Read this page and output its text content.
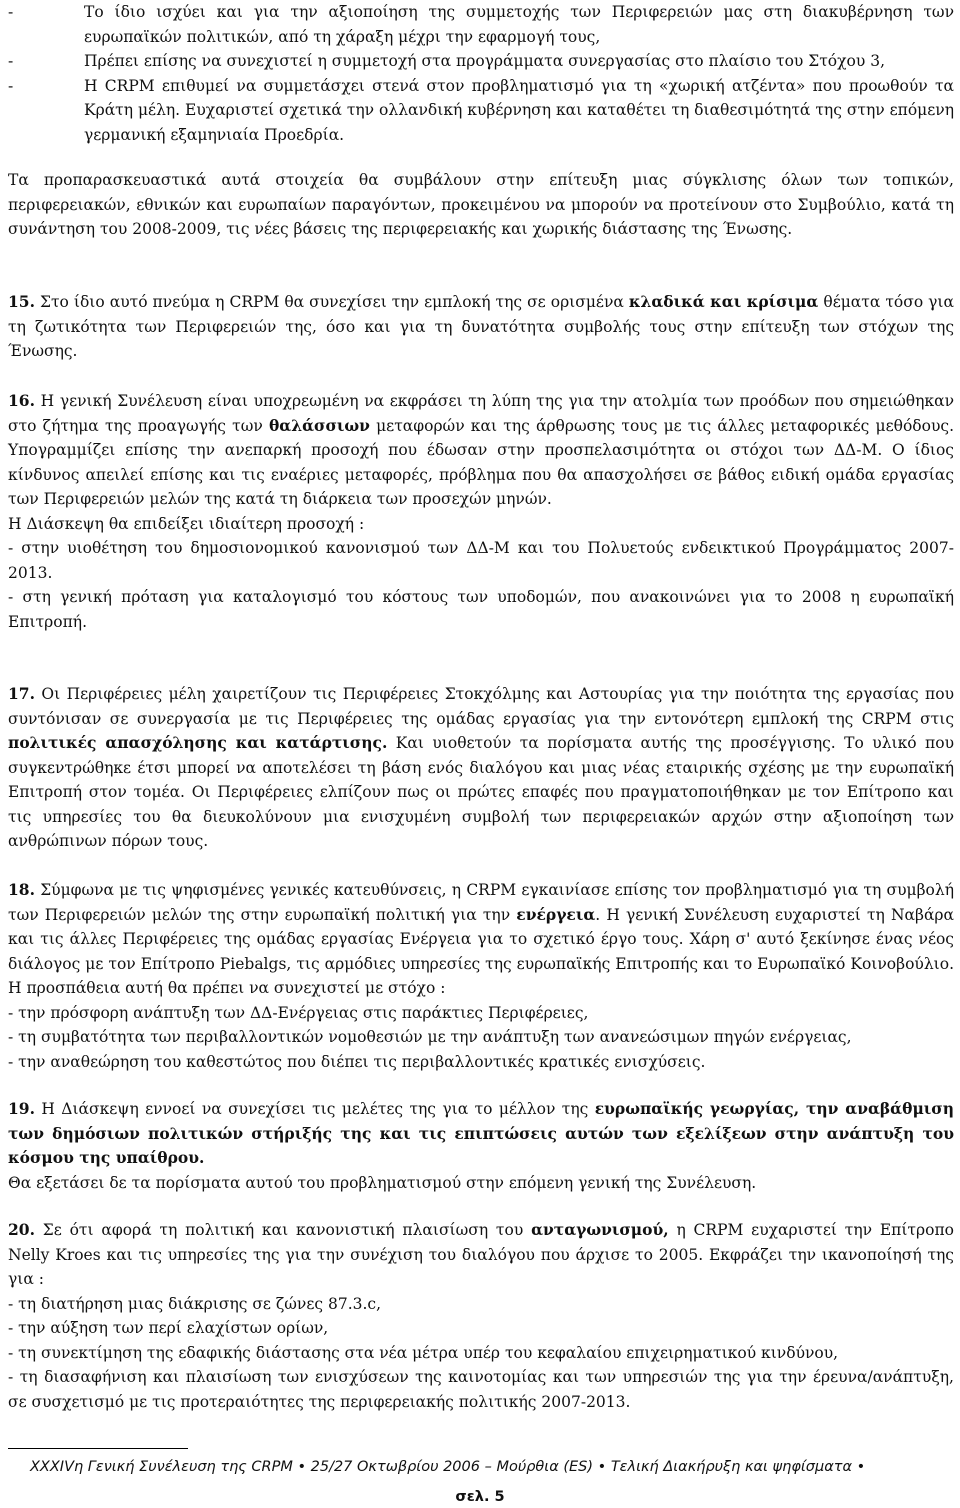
-	Το ίδιο ισχύει και για την αξιοποίηση της συμμετοχής των Περιφερειών μας στη διακυβέρνηση των ευρωπαϊκών πολιτικών, από τη χάραξη μέχρι την εφαρμογή τους,
-	Πρέπει επίσης να συνεχιστεί η συμμετοχή στα προγράμματα συνεργασίας στο πλαίσιο του Στόχου 3,
-	Η CRPM επιθυμεί να συμμετάσχει στενά στον προβληματισμό για τη «χωρική ατζέντα» που προωθούν τα Κράτη μέλη. Ευχαριστεί σχετικά την ολλανδική κυβέρνηση και καταθέτει τη διαθεσιμότητά της στην επόμενη γερμανική εξαμηνιαία Προεδρία.

Τα προπαρασκευαστικά αυτά στοιχεία θα συμβάλουν στην επίτευξη μιας σύγκλισης όλων των τοπικών, περιφερειακών, εθνικών και ευρωπαίων παραγόντων, προκειμένου να μπορούν να προτείνουν στο Συμβούλιο, κατά τη συνάντηση του 2008-2009, τις νέες βάσεις της περιφερειακής και χωρικής διάστασης της Ένωσης.

15. Στο ίδιο αυτό πνεύμα η CRPM θα συνεχίσει την εμπλοκή της σε ορισμένα κλαδικά και κρίσιμα θέματα τόσο για τη ζωτικότητα των Περιφερειών της, όσο και για τη δυνατότητα συμβολής τους στην επίτευξη των στόχων της Ένωσης.

16. Η γενική Συνέλευση είναι υποχρεωμένη να εκφράσει τη λύπη της για την ατολμία των προόδων που σημειώθηκαν στο ζήτημα της προαγωγής των θαλάσσιων μεταφορών και της άρθρωσης τους με τις άλλες μεταφορικές μεθόδους. Υπογραμμίζει επίσης την ανεπαρκή προσοχή που έδωσαν στην προσπελασιμότητα οι στόχοι των ΔΔ-Μ. Ο ίδιος κίνδυνος απειλεί επίσης και τις εναέριες μεταφορές, πρόβλημα που θα απασχολήσει σε βάθος ειδική ομάδα εργασίας των Περιφερειών μελών της κατά τη διάρκεια των προσεχών μηνών.
Η Διάσκεψη θα επιδείξει ιδιαίτερη προσοχή :
- στην υιοθέτηση του δημοσιονομικού κανονισμού των ΔΔ-Μ και του Πολυετούς ενδεικτικού Προγράμματος 2007-2013.
- στη γενική πρόταση για καταλογισμό του κόστους των υποδομών, που ανακοινώνει για το 2008 η ευρωπαϊκή Επιτροπή.

17. Οι Περιφέρειες μέλη χαιρετίζουν τις Περιφέρειες Στοκχόλμης και Αστουρίας για την ποιότητα της εργασίας που συντόνισαν σε συνεργασία με τις Περιφέρειες της ομάδας εργασίας για την εντονότερη εμπλοκή της CRPM στις πολιτικές απασχόλησης και κατάρτισης. Και υιοθετούν τα πορίσματα αυτής της προσέγγισης. Το υλικό που συγκεντρώθηκε έτσι μπορεί να αποτελέσει τη βάση ενός διαλόγου και μιας νέας εταιρικής σχέσης με την ευρωπαϊκή Επιτροπή στον τομέα. Οι Περιφέρειες ελπίζουν πως οι πρώτες επαφές που πραγματοποιήθηκαν με τον Επίτροπο και τις υπηρεσίες του θα διευκολύνουν μια ενισχυμένη συμβολή των περιφερειακών αρχών στην αξιοποίηση των ανθρώπινων πόρων τους.

18. Σύμφωνα με τις ψηφισμένες γενικές κατευθύνσεις, η CRPM εγκαινίασε επίσης τον προβληματισμό για τη συμβολή των Περιφερειών μελών της στην ευρωπαϊκή πολιτική για την ενέργεια. Η γενική Συνέλευση ευχαριστεί τη Ναβάρα και τις άλλες Περιφέρειες της ομάδας εργασίας Ενέργεια για το σχετικό έργο τους. Χάρη σ' αυτό ξεκίνησε ένας νέος διάλογος με τον Επίτροπο Piebalgs, τις αρμόδιες υπηρεσίες της ευρωπαϊκής Επιτροπής και το Ευρωπαϊκό Κοινοβούλιο. Η προσπάθεια αυτή θα πρέπει να συνεχιστεί με στόχο :
- την πρόσφορη ανάπτυξη των ΔΔ-Ενέργειας στις παράκτιες Περιφέρειες,
- τη συμβατότητα των περιβαλλοντικών νομοθεσιών με την ανάπτυξη των ανανεώσιμων πηγών ενέργειας,
- την αναθεώρηση του καθεστώτος που διέπει τις περιβαλλοντικές κρατικές ενισχύσεις.

19. Η Διάσκεψη εννοεί να συνεχίσει τις μελέτες της για το μέλλον της ευρωπαϊκής γεωργίας, την αναβάθμιση των δημόσιων πολιτικών στήριξής της και τις επιπτώσεις αυτών των εξελίξεων στην ανάπτυξη του κόσμου της υπαίθρου.
Θα εξετάσει δε τα πορίσματα αυτού του προβληματισμού στην επόμενη γενική της Συνέλευση.

20. Σε ότι αφορά τη πολιτική και κανονιστική πλαισίωση του ανταγωνισμού, η CRPM ευχαριστεί την Επίτροπο Nelly Kroes και τις υπηρεσίες της για την συνέχιση του διαλόγου που άρχισε το 2005. Εκφράζει την ικανοποίησή της για :
- τη διατήρηση μιας διάκρισης σε ζώνες 87.3.c,
- την αύξηση των περί ελαχίστων ορίων,
- τη συνεκτίμηση της εδαφικής διάστασης στα νέα μέτρα υπέρ του κεφαλαίου επιχειρηματικού κινδύνου,
- τη διασαφήνιση και πλαισίωση των ενισχύσεων της καινοτομίας και των υπηρεσιών της για την έρευνα/ανάπτυξη, σε συσχετισμό με τις προτεραιότητες της περιφερειακής πολιτικής 2007-2013.

XXXIVη Γενική Συνέλευση της CRPM • 25/27 Οκτωβρίου 2006 – Μούρθια (ES) • Τελική Διακήρυξη και ψηφίσματα •
σελ. 5
